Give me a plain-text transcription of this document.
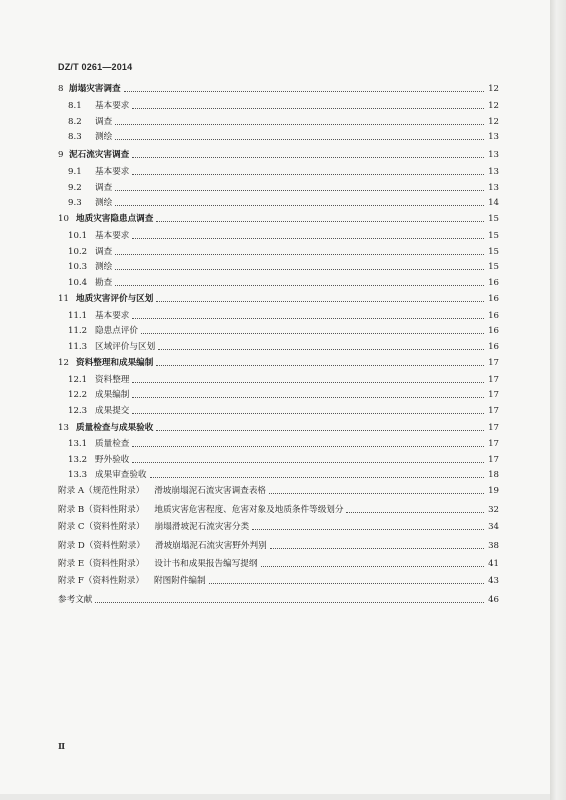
DZ/T 0261—2014
8 崩塌灾害调查	12
8.1	基本要求	12
8.2	调查	12
8.3	测绘	13
9 泥石流灾害调查	13
9.1	基本要求	13
9.2	调查	13
9.3	测绘	14
10 地质灾害隐患点调查	15
10.1 基本要求	15
10.2 调查	15
10.3 测绘	15
10.4 勘查	16
11 地质灾害评价与区划	16
11.1 基本要求	16
11.2 隐患点评价	16
11.3 区域评价与区划	16
12 资料整理和成果编制	17
12.1 资料整理	17
12.2 成果编制	17
12.3 成果提交	17
13 质量检查与成果验收	17
13.1 质量检查	17
13.2 野外验收	17
13.3 成果审查验收	18
附录 A（规范性附录） 滑坡崩塌泥石流灾害调查表格	19
附录 B（资料性附录） 地质灾害危害程度、危害对象及地质条件等级划分	32
附录 C（资料性附录） 崩塌滑坡泥石流灾害分类	34
附录 D（资料性附录） 滑坡崩塌泥石流灾害野外判别	38
附录 E（资料性附录） 设计书和成果报告编写提纲	41
附录 F（资料性附录） 附图附件编制	43
参考文献	46
Ⅱ
